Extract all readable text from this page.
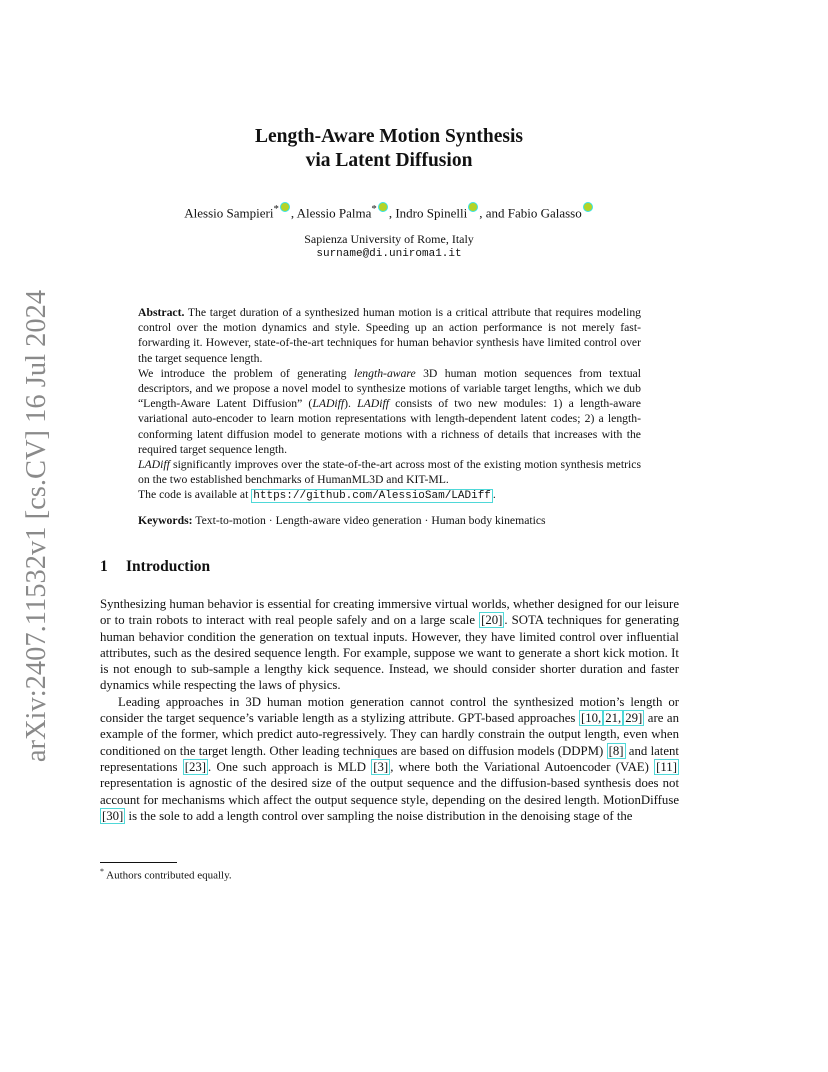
arXiv:2407.11532v1 [cs.CV] 16 Jul 2024
Length-Aware Motion Synthesis
via Latent Diffusion
Alessio Sampieri* , Alessio Palma* , Indro Spinelli , and Fabio Galasso
Sapienza University of Rome, Italy
surname@di.uniroma1.it

Abstract. The target duration of a synthesized human motion is a critical attribute that requires modeling control over the motion dynamics and style. Speeding up an action performance is not merely fast-forwarding it. However, state-of-the-art techniques for human behavior synthesis have limited control over the target sequence length.

We introduce the problem of generating length-aware 3D human motion sequences from textual descriptors, and we propose a novel model to synthesize motions of variable target lengths, which we dub “Length-Aware Latent Diffusion” (LADiff). LADiff consists of two new modules: 1) a length-aware variational auto-encoder to learn motion representations with length-dependent latent codes; 2) a length-conforming latent diffusion model to generate motions with a richness of details that increases with the required target sequence length.

LADiff significantly improves over the state-of-the-art across most of the existing motion synthesis metrics on the two established benchmarks of HumanML3D and KIT-ML.

The code is available at https://github.com/AlessioSam/LADiff .

Keywords: Text-to-motion · Length-aware video generation · Human body kinematics
1 Introduction

Synthesizing human behavior is essential for creating immersive virtual worlds, whether designed for our leisure or to train robots to interact with real people safely and on a large scale [20] . SOTA techniques for generating human behavior condition the generation on textual inputs. However, they have limited control over influential attributes, such as the desired sequence length. For example, suppose we want to generate a short kick motion. It is not enough to sub-sample a lengthy kick sequence. Instead, we should consider shorter duration and faster dynamics while respecting the laws of physics.

Leading approaches in 3D human motion generation cannot control the synthesized motion’s length or consider the target sequence’s variable length as a stylizing attribute. GPT-based approaches [10, 21, 29] are an example of the former, which predict auto-regressively. They can hardly constrain the output length, even when conditioned on the target length. Other leading techniques are based on diffusion models (DDPM) [8] and latent representations [23] . One such approach is MLD [3] , where both the Variational Autoencoder (VAE) [11] representation is agnostic of the desired size of the output sequence and the diffusion-based synthesis does not account for mechanisms which affect the output sequence style, depending on the desired length. MotionDiffuse [30] is the sole to add a length control over sampling the noise distribution in the denoising stage of the

* Authors contributed equally.
